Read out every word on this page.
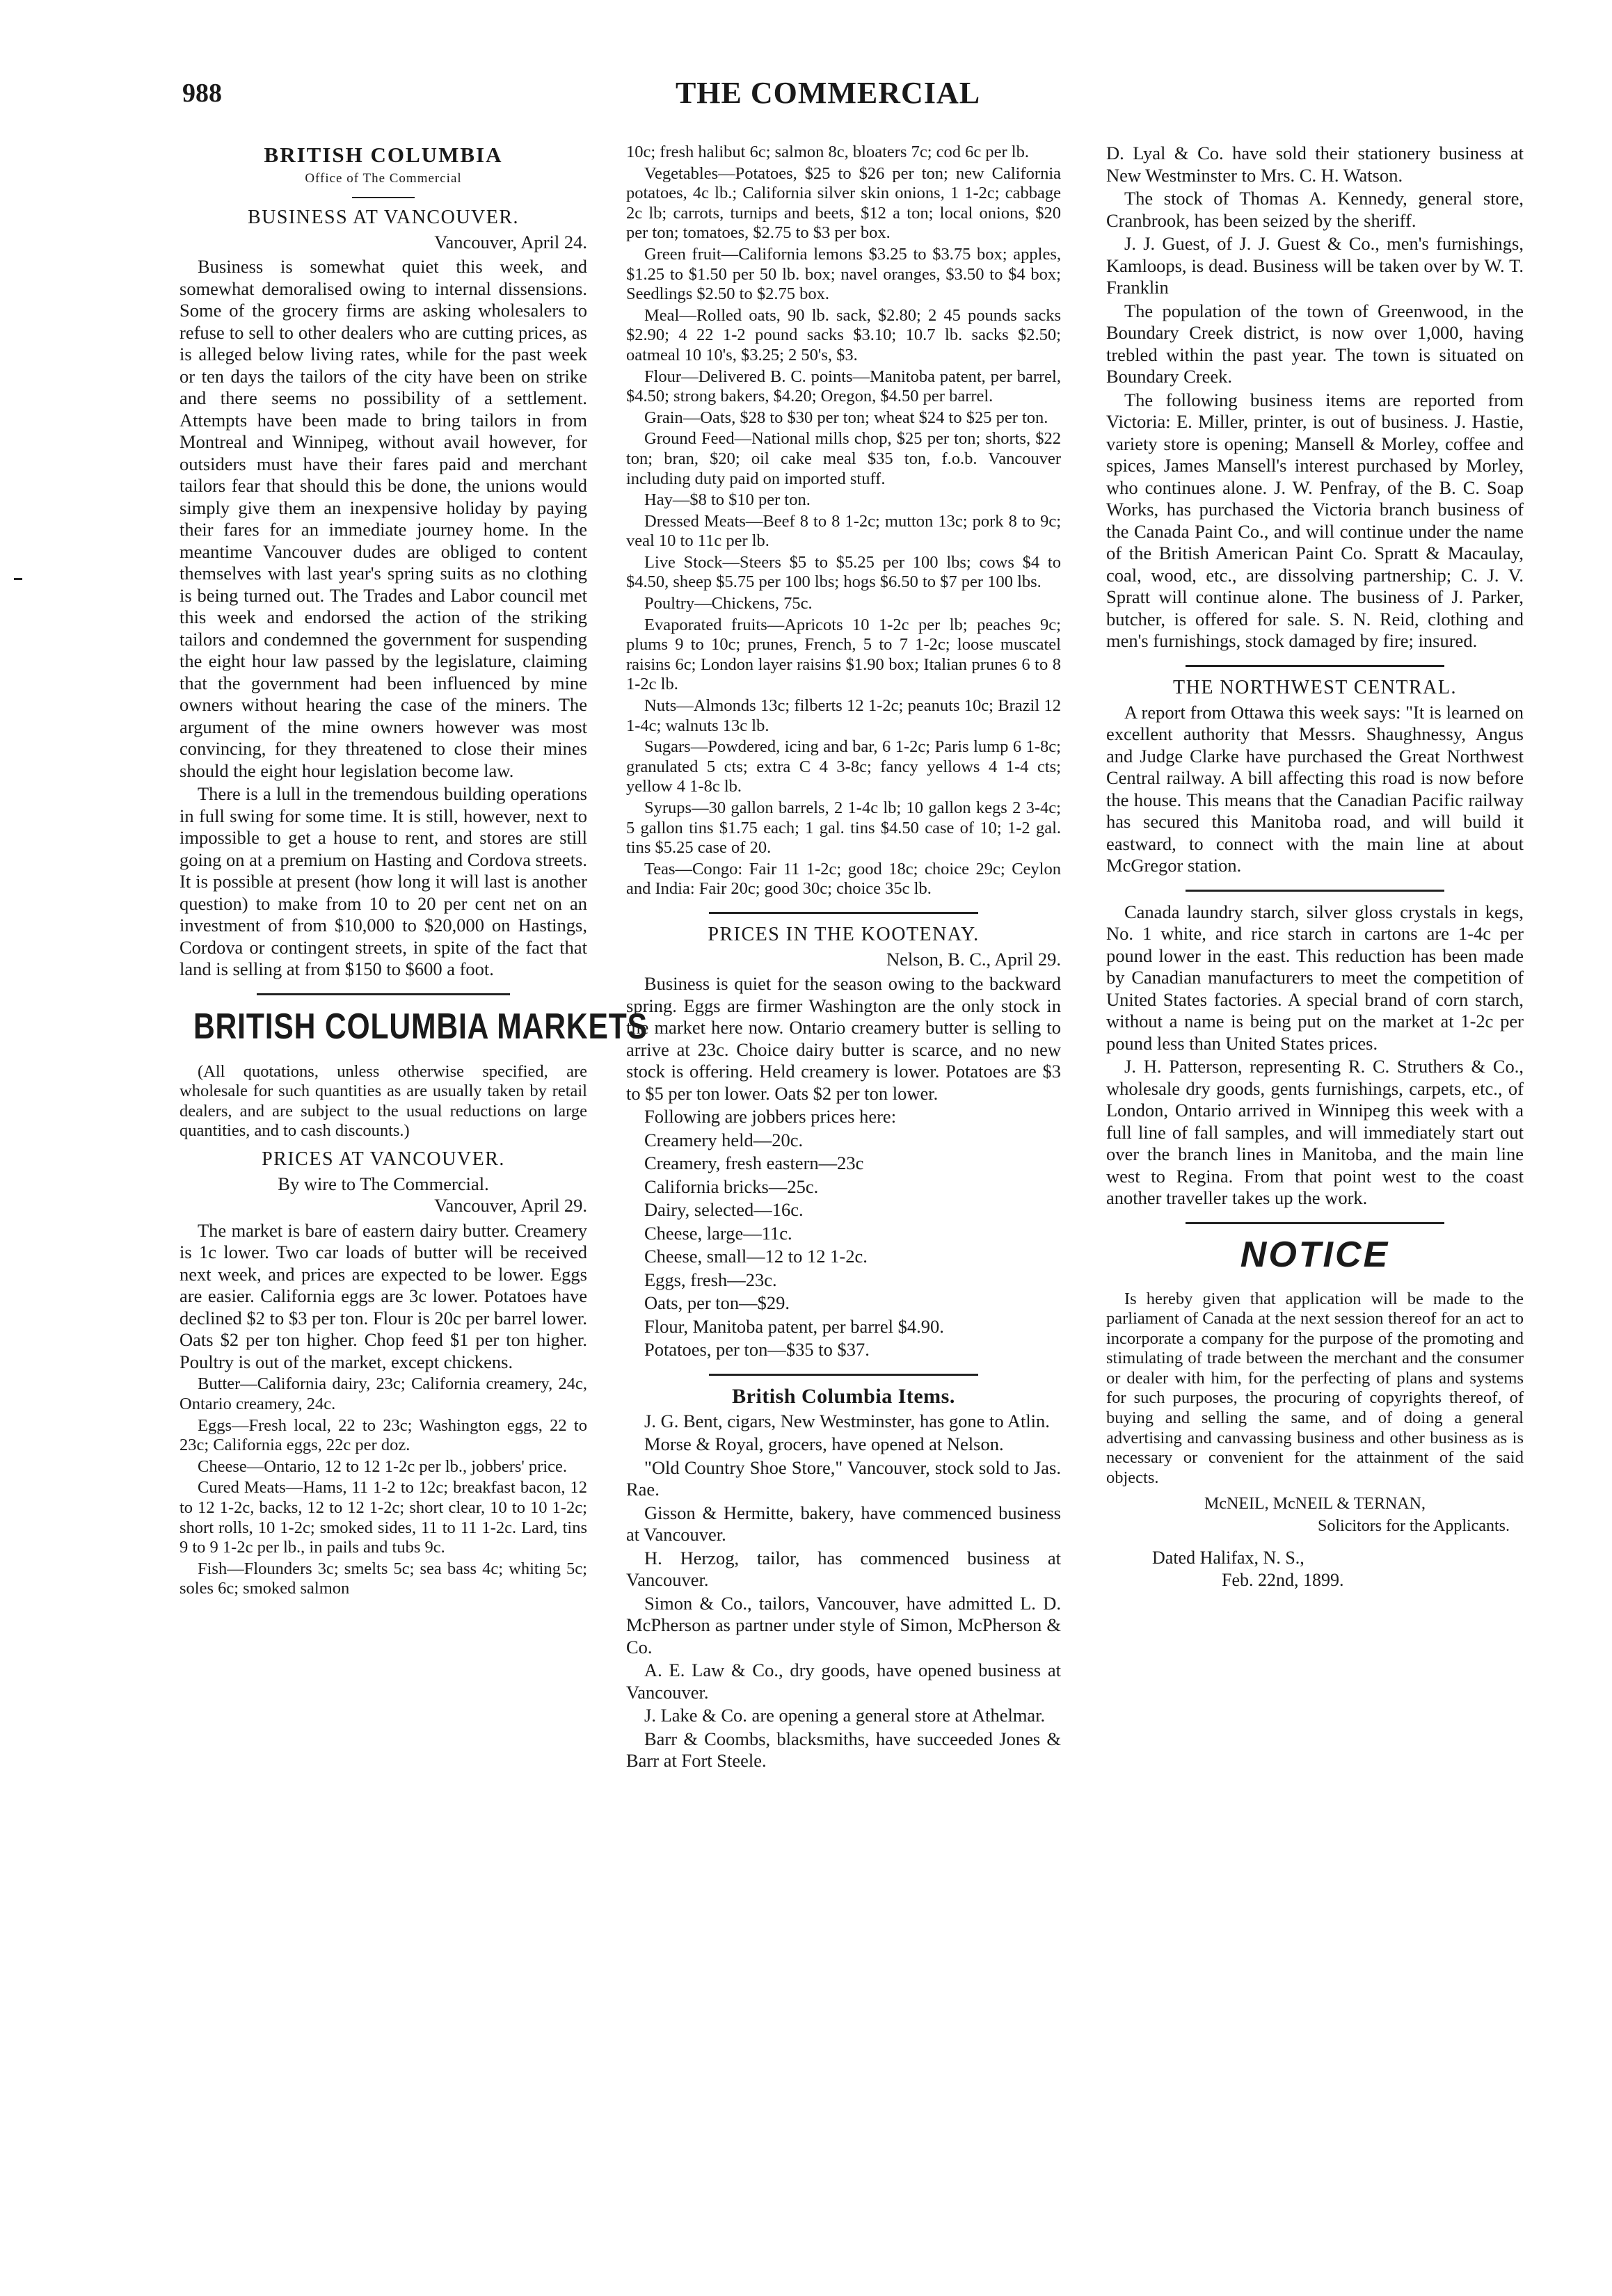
988	THE COMMERCIAL
BRITISH COLUMBIA
Office of The Commercial
BUSINESS AT VANCOUVER.
Vancouver, April 24.

Business is somewhat quiet this week, and somewhat demoralised owing to internal dissensions. Some of the grocery firms are asking wholesalers to refuse to sell to other dealers who are cutting prices, as is alleged below living rates, while for the past week or ten days the tailors of the city have been on strike and there seems no possibility of a settlement. Attempts have been made to bring tailors in from Montreal and Winnipeg, without avail however, for outsiders must have their fares paid and merchant tailors fear that should this be done, the unions would simply give them an inexpensive holiday by paying their fares for an immediate journey home. In the meantime Vancouver dudes are obliged to content themselves with last year's spring suits as no clothing is being turned out. The Trades and Labor council met this week and endorsed the action of the striking tailors and condemned the government for suspending the eight hour law passed by the legislature, claiming that the government had been influenced by mine owners without hearing the case of the miners. The argument of the mine owners however was most convincing, for they threatened to close their mines should the eight hour legislation become law.

There is a lull in the tremendous building operations in full swing for some time. It is still, however, next to impossible to get a house to rent, and stores are still going on at a premium on Hasting and Cordova streets. It is possible at present (how long it will last is another question) to make from 10 to 20 per cent net on an investment of from $10,000 to $20,000 on Hastings, Cordova or contingent streets, in spite of the fact that land is selling at from $150 to $600 a foot.

BRITISH COLUMBIA MARKETS

(All quotations, unless otherwise specified, are wholesale for such quantities as are usually taken by retail dealers, and are subject to the usual reductions on large quantities, and to cash discounts.)

PRICES AT VANCOUVER.
By wire to The Commercial.
Vancouver, April 29.

The market is bare of eastern dairy butter. Creamery is 1c lower. Two car loads of butter will be received next week, and prices are expected to be lower. Eggs are easier. California eggs are 3c lower. Potatoes have declined $2 to $3 per ton. Flour is 20c per barrel lower. Oats $2 per ton higher. Chop feed $1 per ton higher. Poultry is out of the market, except chickens.

Butter—California dairy, 23c; California creamery, 24c, Ontario creamery, 24c.

Eggs—Fresh local, 22 to 23c; Washington eggs, 22 to 23c; California eggs, 22c per doz.

Cheese—Ontario, 12 to 12 1-2c per lb., jobbers' price.

Cured Meats—Hams, 11 1-2 to 12c; breakfast bacon, 12 to 12 1-2c, backs, 12 to 12 1-2c; short clear, 10 to 10 1-2c; short rolls, 10 1-2c; smoked sides, 11 to 11 1-2c. Lard, tins 9 to 9 1-2c per lb., in pails and tubs 9c.

Fish—Flounders 3c; smelts 5c; sea bass 4c; whiting 5c; soles 6c; smoked salmon

10c; fresh halibut 6c; salmon 8c, bloaters 7c; cod 6c per lb.

Vegetables—Potatoes, $25 to $26 per ton; new California potatoes, 4c lb.; California silver skin onions, 1 1-2c; cabbage 2c lb; carrots, turnips and beets, $12 a ton; local onions, $20 per ton; tomatoes, $2.75 to $3 per box.

Green fruit—California lemons $3.25 to $3.75 box; apples, $1.25 to $1.50 per 50 lb. box; navel oranges, $3.50 to $4 box; Seedlings $2.50 to $2.75 box.

Meal—Rolled oats, 90 lb. sack, $2.80; 2 45 pounds sacks $2.90; 4 22 1-2 pound sacks $3.10; 10.7 lb. sacks $2.50; oatmeal 10 10's, $3.25; 2 50's, $3.

Flour—Delivered B. C. points—Manitoba patent, per barrel, $4.50; strong bakers, $4.20; Oregon, $4.50 per barrel.

Grain—Oats, $28 to $30 per ton; wheat $24 to $25 per ton.

Ground Feed—National mills chop, $25 per ton; shorts, $22 ton; bran, $20; oil cake meal $35 ton, f.o.b. Vancouver including duty paid on imported stuff.

Hay—$8 to $10 per ton.

Dressed Meats—Beef 8 to 8 1-2c; mutton 13c; pork 8 to 9c; veal 10 to 11c per lb.

Live Stock—Steers $5 to $5.25 per 100 lbs; cows $4 to $4.50, sheep $5.75 per 100 lbs; hogs $6.50 to $7 per 100 lbs.

Poultry—Chickens, 75c.

Evaporated fruits—Apricots 10 1-2c per lb; peaches 9c; plums 9 to 10c; prunes, French, 5 to 7 1-2c; loose muscatel raisins 6c; London layer raisins $1.90 box; Italian prunes 6 to 8 1-2c lb.

Nuts—Almonds 13c; filberts 12 1-2c; peanuts 10c; Brazil 12 1-4c; walnuts 13c lb.

Sugars—Powdered, icing and bar, 6 1-2c; Paris lump 6 1-8c; granulated 5 cts; extra C 4 3-8c; fancy yellows 4 1-4 cts; yellow 4 1-8c lb.

Syrups—30 gallon barrels, 2 1-4c lb; 10 gallon kegs 2 3-4c; 5 gallon tins $1.75 each; 1 gal. tins $4.50 case of 10; 1-2 gal. tins $5.25 case of 20.

Teas—Congo: Fair 11 1-2c; good 18c; choice 29c; Ceylon and India: Fair 20c; good 30c; choice 35c lb.

PRICES IN THE KOOTENAY.
Nelson, B. C., April 29.

Business is quiet for the season owing to the backward spring. Eggs are firmer Washington are the only stock in the market here now. Ontario creamery butter is selling to arrive at 23c. Choice dairy butter is scarce, and no new stock is offering. Held creamery is lower. Potatoes are $3 to $5 per ton lower. Oats $2 per ton lower.

Following are jobbers prices here:

Creamery held—20c.

Creamery, fresh eastern—23c

California bricks—25c.

Dairy, selected—16c.

Cheese, large—11c.

Cheese, small—12 to 12 1-2c.

Eggs, fresh—23c.

Oats, per ton—$29.

Flour, Manitoba patent, per barrel $4.90.

Potatoes, per ton—$35 to $37.

British Columbia Items.

J. G. Bent, cigars, New Westminster, has gone to Atlin.

Morse & Royal, grocers, have opened at Nelson.

"Old Country Shoe Store," Vancouver, stock sold to Jas. Rae.

Gisson & Hermitte, bakery, have commenced business at Vancouver.

H. Herzog, tailor, has commenced business at Vancouver.

Simon & Co., tailors, Vancouver, have admitted L. D. McPherson as partner under style of Simon, McPherson & Co.

A. E. Law & Co., dry goods, have opened business at Vancouver.

J. Lake & Co. are opening a general store at Athelmar.

Barr & Coombs, blacksmiths, have succeeded Jones & Barr at Fort Steele.

D. Lyal & Co. have sold their stationery business at New Westminster to Mrs. C. H. Watson.

The stock of Thomas A. Kennedy, general store, Cranbrook, has been seized by the sheriff.

J. J. Guest, of J. J. Guest & Co., men's furnishings, Kamloops, is dead. Business will be taken over by W. T. Franklin

The population of the town of Greenwood, in the Boundary Creek district, is now over 1,000, having trebled within the past year. The town is situated on Boundary Creek.

The following business items are reported from Victoria: E. Miller, printer, is out of business. J. Hastie, variety store is opening; Mansell & Morley, coffee and spices, James Mansell's interest purchased by Morley, who continues alone. J. W. Penfray, of the B. C. Soap Works, has purchased the Victoria branch business of the Canada Paint Co., and will continue under the name of the British American Paint Co. Spratt & Macaulay, coal, wood, etc., are dissolving partnership; C. J. V. Spratt will continue alone. The business of J. Parker, butcher, is offered for sale. S. N. Reid, clothing and men's furnishings, stock damaged by fire; insured.

THE NORTHWEST CENTRAL.

A report from Ottawa this week says: "It is learned on excellent authority that Messrs. Shaughnessy, Angus and Judge Clarke have purchased the Great Northwest Central railway. A bill affecting this road is now before the house. This means that the Canadian Pacific railway has secured this Manitoba road, and will build it eastward, to connect with the main line at about McGregor station.

Canada laundry starch, silver gloss crystals in kegs, No. 1 white, and rice starch in cartons are 1-4c per pound lower in the east. This reduction has been made by Canadian manufacturers to meet the competition of United States factories. A special brand of corn starch, without a name is being put on the market at 1-2c per pound less than United States prices.

J. H. Patterson, representing R. C. Struthers & Co., wholesale dry goods, gents furnishings, carpets, etc., of London, Ontario arrived in Winnipeg this week with a full line of fall samples, and will immediately start out over the branch lines in Manitoba, and the main line west to Regina. From that point west to the coast another traveller takes up the work.

NOTICE

Is hereby given that application will be made to the parliament of Canada at the next session thereof for an act to incorporate a company for the purpose of the promoting and stimulating of trade between the merchant and the consumer or dealer with him, for the perfecting of plans and systems for such purposes, the procuring of copyrights thereof, of buying and selling the same, and of doing a general advertising and canvassing business and other business as is necessary or convenient for the attainment of the said objects.

McNEIL, McNEIL & TERNAN,
Solicitors for the Applicants.

Dated Halifax, N. S.,

Feb. 22nd, 1899.
